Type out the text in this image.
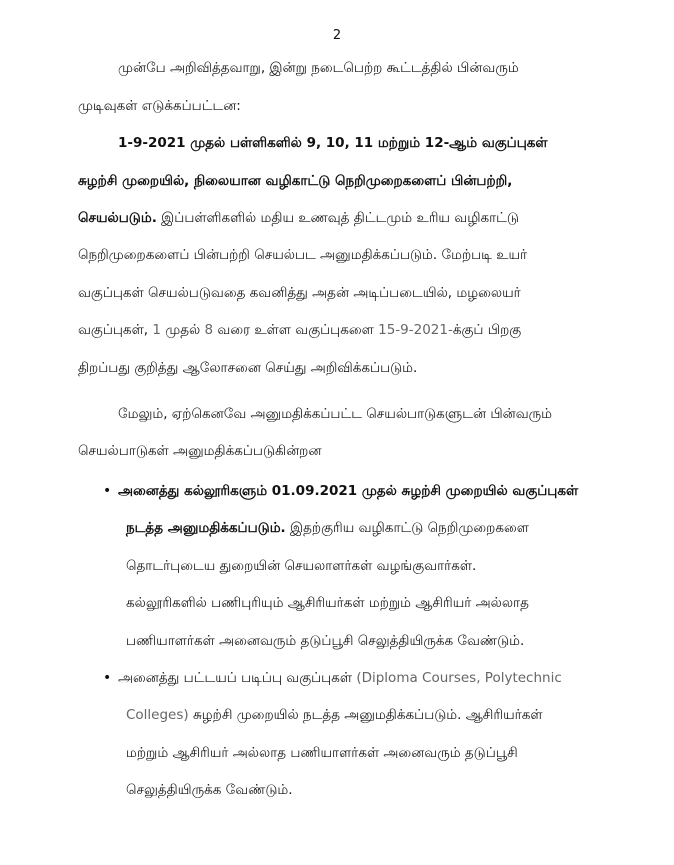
2
முன்பே அறிவித்தவாறு, இன்று நடைபெற்ற கூட்டத்தில் பின்வரும்
முடிவுகள் எடுக்கப்பட்டன:
1-9-2021 முதல் பள்ளிகளில் 9, 10, 11 மற்றும் 12-ஆம் வகுப்புகள்
சுழற்சி முறையில், நிலையான வழிகாட்டு நெறிமுறைகளைப் பின்பற்றி,
செயல்படும். இப்பள்ளிகளில் மதிய உணவுத் திட்டமும் உரிய வழிகாட்டு
நெறிமுறைகளைப் பின்பற்றி செயல்பட அனுமதிக்கப்படும். மேற்படி உயர்
வகுப்புகள் செயல்படுவதை கவனித்து அதன் அடிப்படையில், மழலையர்
வகுப்புகள், 1 முதல் 8 வரை உள்ள வகுப்புகளை 15-9-2021-க்குப் பிறகு
திறப்பது குறித்து ஆலோசனை செய்து அறிவிக்கப்படும்.
மேலும், ஏற்கெனவே அனுமதிக்கப்பட்ட செயல்பாடுகளுடன் பின்வரும்
செயல்பாடுகள் அனுமதிக்கப்படுகின்றன
• அனைத்து கல்லூரிகளும் 01.09.2021 முதல் சுழற்சி முறையில் வகுப்புகள்
நடத்த அனுமதிக்கப்படும். இதற்குரிய வழிகாட்டு நெறிமுறைகளை
தொடர்புடைய துறையின் செயலாளர்கள் வழங்குவார்கள்.
கல்லூரிகளில் பணிபுரியும் ஆசிரியர்கள் மற்றும் ஆசிரியர் அல்லாத
பணியாளர்கள் அனைவரும் தடுப்பூசி செலுத்தியிருக்க வேண்டும்.
• அனைத்து பட்டயப் படிப்பு வகுப்புகள் (Diploma Courses, Polytechnic
Colleges) சுழற்சி முறையில் நடத்த அனுமதிக்கப்படும். ஆசிரியர்கள்
மற்றும் ஆசிரியர் அல்லாத பணியாளர்கள் அனைவரும் தடுப்பூசி
செலுத்தியிருக்க வேண்டும்.
